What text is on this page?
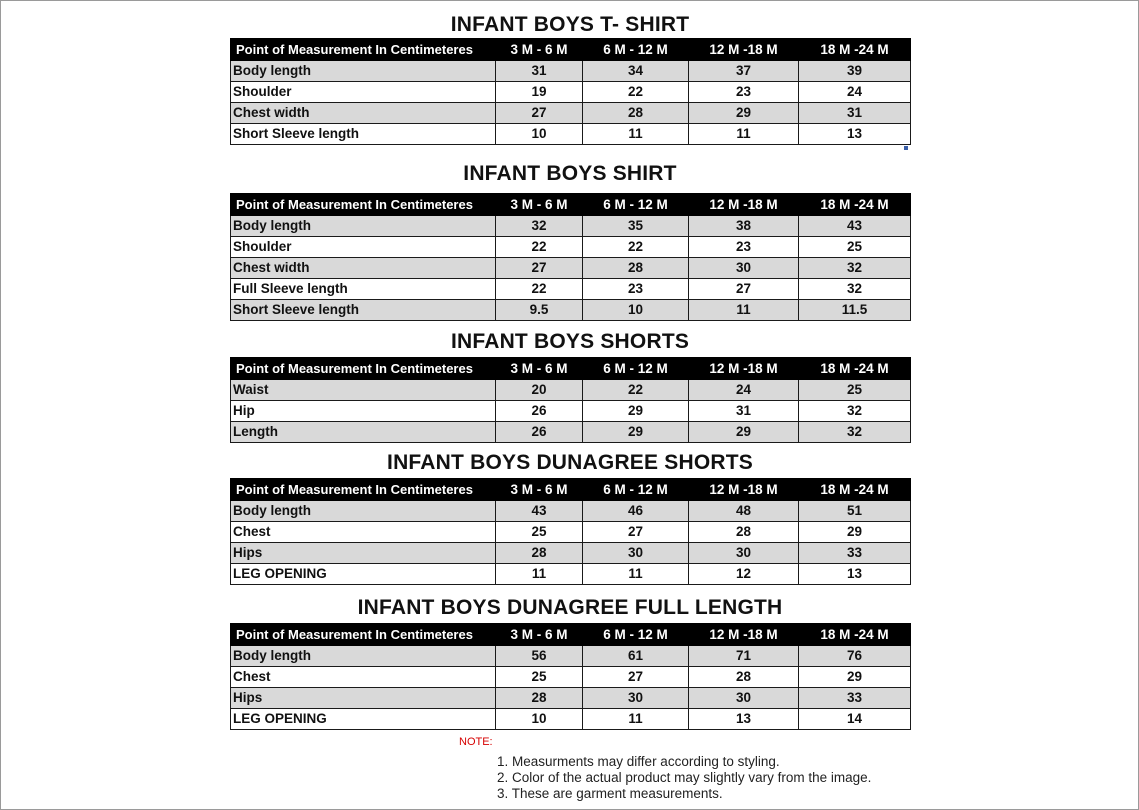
INFANT BOYS T- SHIRT
Point of Measurement In Centimeteres	3 M - 6 M	6 M - 12 M	12 M -18 M	18 M -24 M
Body length	31	34	37	39
Shoulder	19	22	23	24
Chest width	27	28	29	31
Short Sleeve length	10	11	11	13
INFANT BOYS SHIRT
Point of Measurement In Centimeteres	3 M - 6 M	6 M - 12 M	12 M -18 M	18 M -24 M
Body length	32	35	38	43
Shoulder	22	22	23	25
Chest width	27	28	30	32
Full Sleeve length	22	23	27	32
Short Sleeve length	9.5	10	11	11.5
INFANT BOYS SHORTS
Point of Measurement In Centimeteres	3 M - 6 M	6 M - 12 M	12 M -18 M	18 M -24 M
Waist	20	22	24	25
Hip	26	29	31	32
Length	26	29	29	32
INFANT BOYS DUNAGREE SHORTS
Point of Measurement In Centimeteres	3 M - 6 M	6 M - 12 M	12 M -18 M	18 M -24 M
Body length	43	46	48	51
Chest	25	27	28	29
Hips	28	30	30	33
LEG OPENING	11	11	12	13
INFANT BOYS DUNAGREE FULL LENGTH
Point of Measurement In Centimeteres	3 M - 6 M	6 M - 12 M	12 M -18 M	18 M -24 M
Body length	56	61	71	76
Chest	25	27	28	29
Hips	28	30	30	33
LEG OPENING	10	11	13	14
NOTE:
1. Measurments may differ according to styling.
2. Color of the actual product may slightly vary from the image.
3. These are garment measurements.
